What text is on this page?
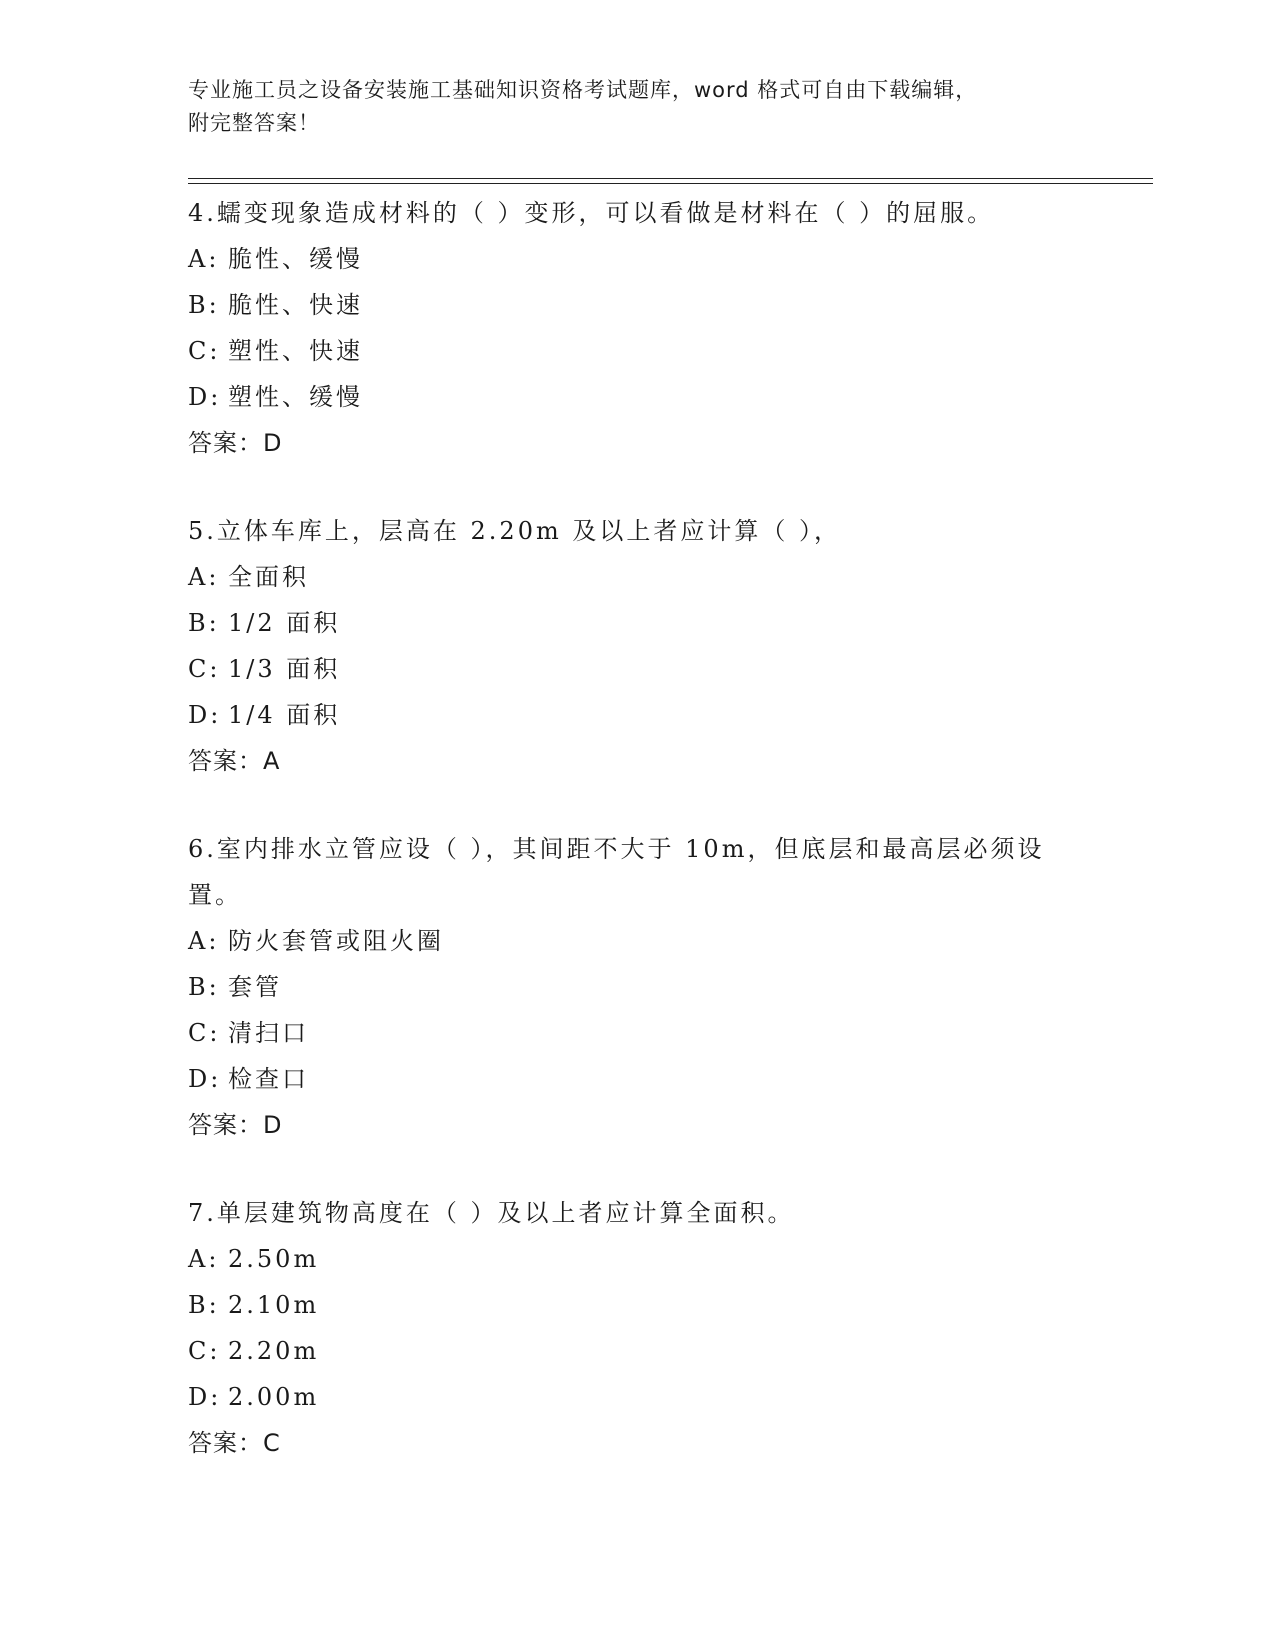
专业施工员之设备安装施工基础知识资格考试题库，word 格式可自由下载编辑，
附完整答案！

4.蠕变现象造成材料的（ ）变形，可以看做是材料在（ ）的屈服。

A: 脆性、缓慢
B: 脆性、快速
C: 塑性、快速
D: 塑性、缓慢

答案：D

5.立体车库上，层高在 2.20m 及以上者应计算（ ），

A: 全面积
B: 1/2 面积
C: 1/3 面积
D: 1/4 面积

答案：A

6.室内排水立管应设（ ），其间距不大于 10m，但底层和最高层必须设置。

A: 防火套管或阻火圈
B: 套管
C: 清扫口
D: 检查口

答案：D

7.单层建筑物高度在（ ）及以上者应计算全面积。

A: 2.50m
B: 2.10m
C: 2.20m
D: 2.00m

答案：C
